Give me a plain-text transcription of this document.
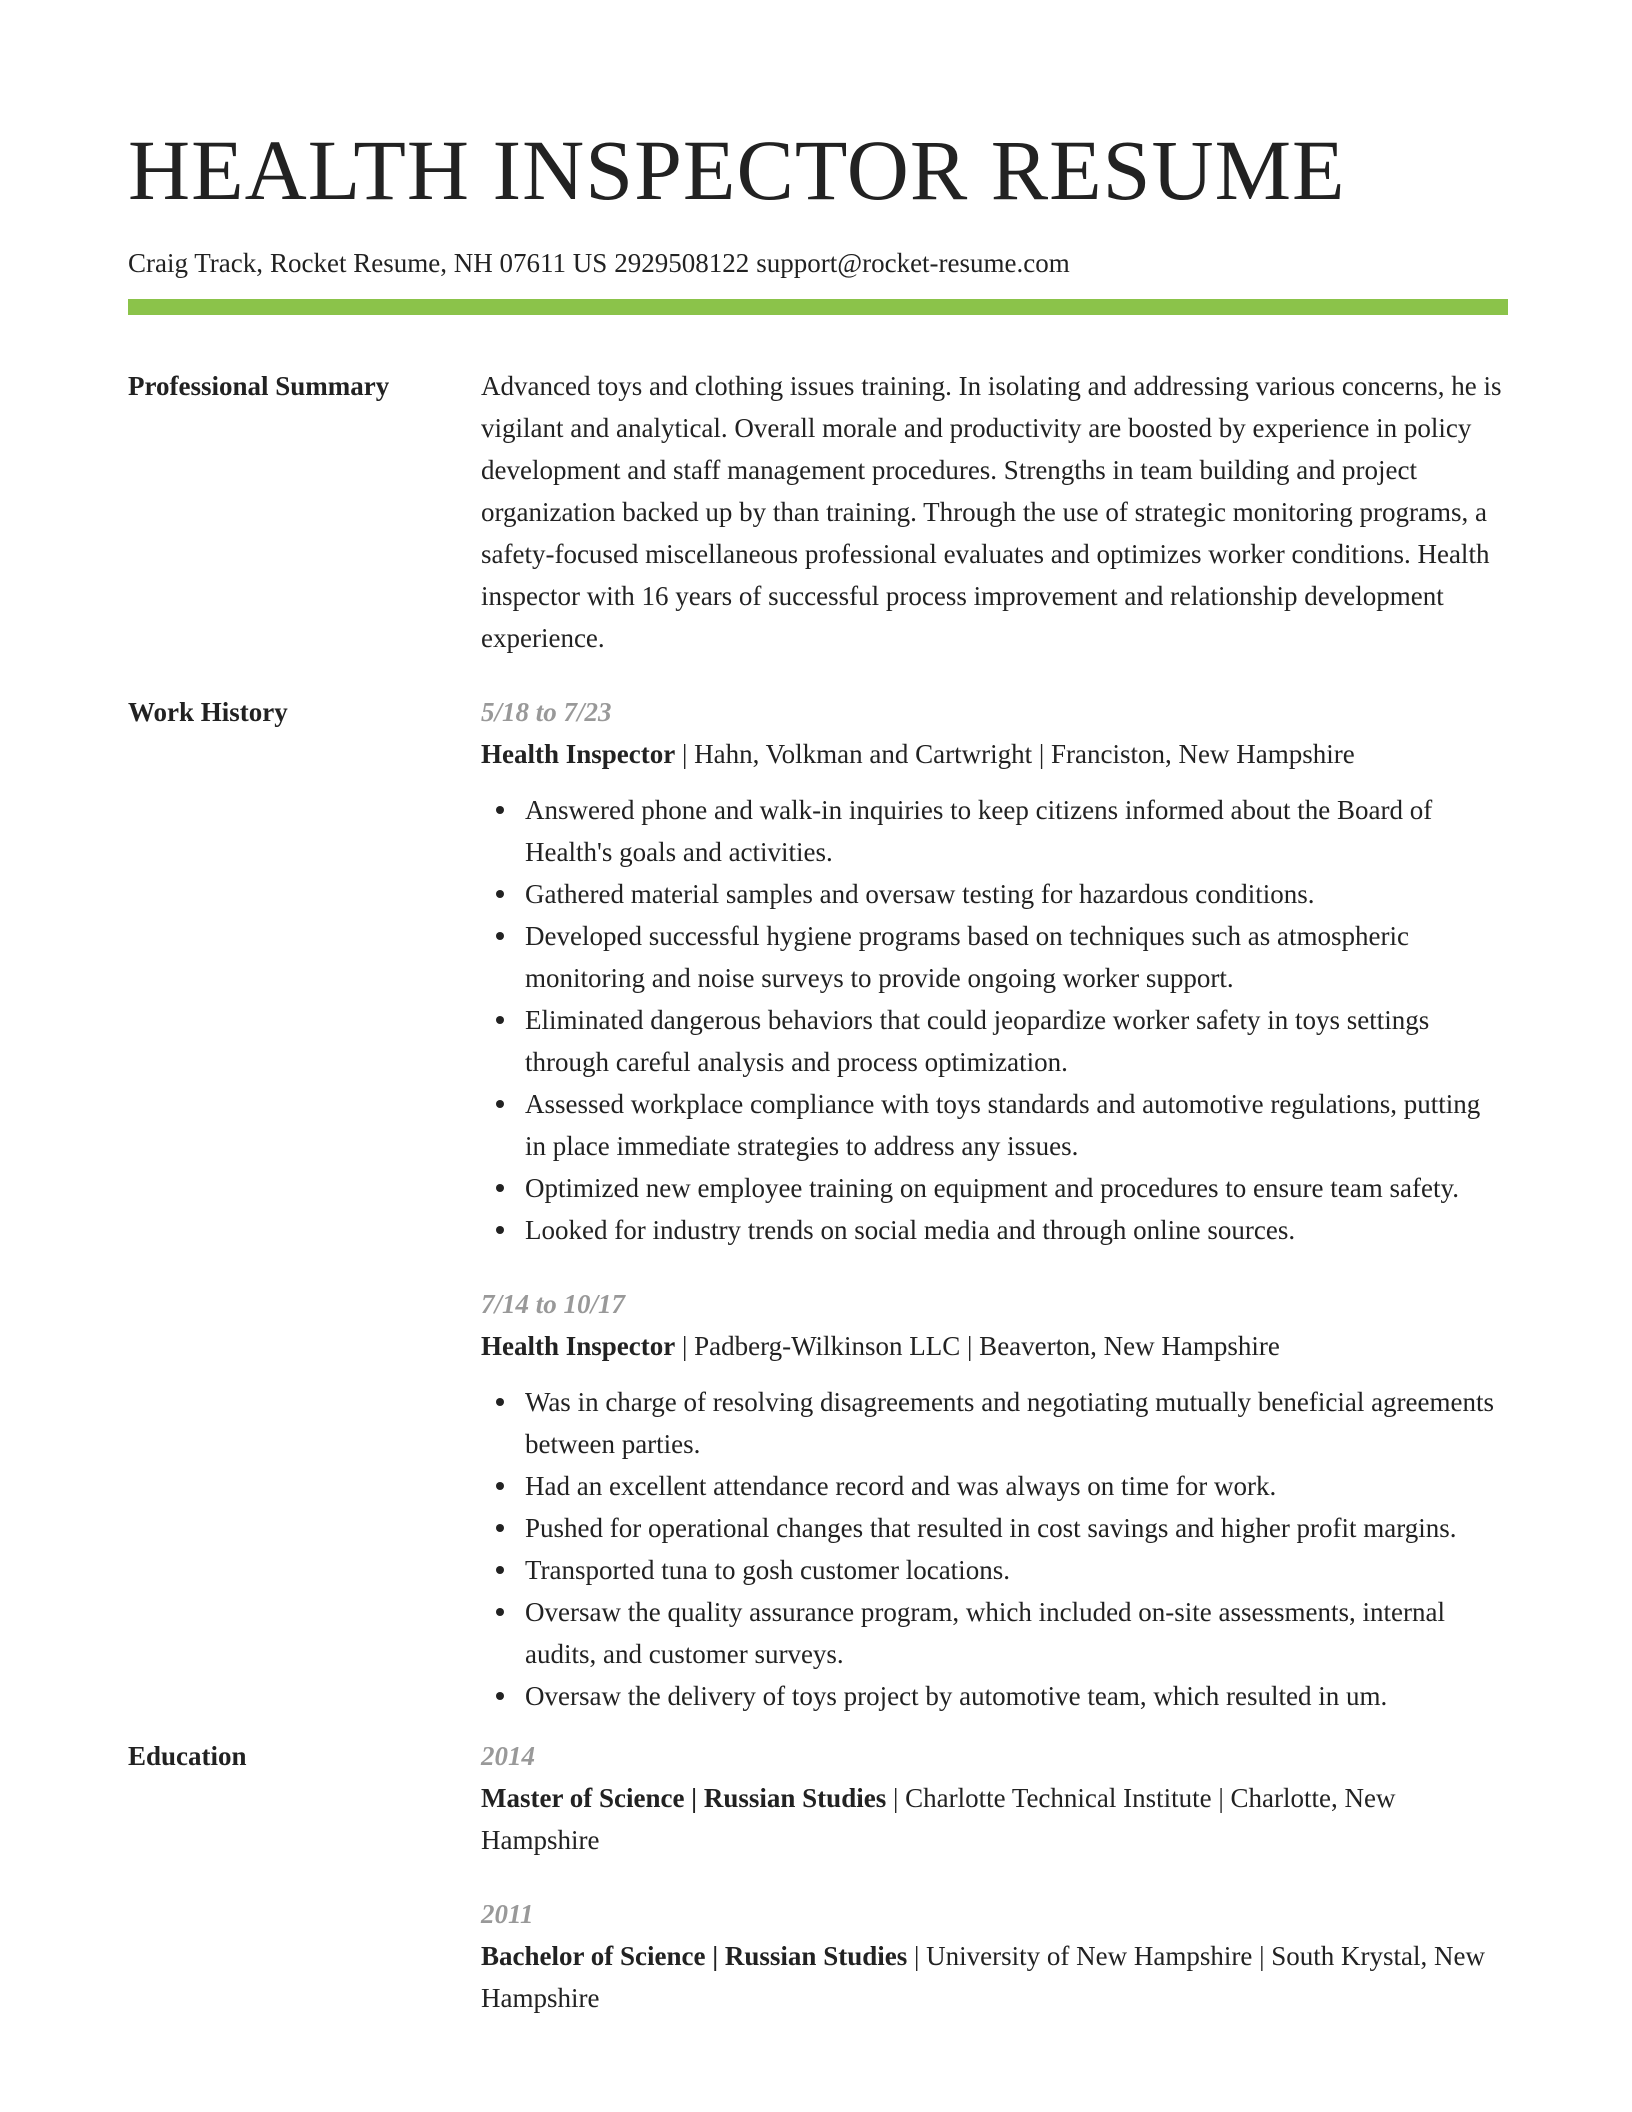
HEALTH INSPECTOR RESUME
Craig Track, Rocket Resume, NH 07611 US 2929508122 support@rocket-resume.com
Professional Summary	Advanced toys and clothing issues training. In isolating and addressing various concerns, he is vigilant and analytical. Overall morale and productivity are boosted by experience in policy development and staff management procedures. Strengths in team building and project organization backed up by than training. Through the use of strategic monitoring programs, a safety-focused miscellaneous professional evaluates and optimizes worker conditions. Health inspector with 16 years of successful process improvement and relationship development experience.

Work History	5/18 to 7/23

Health Inspector | Hahn, Volkman and Cartwright | Franciston, New Hampshire

Answered phone and walk-in inquiries to keep citizens informed about the Board of Health's goals and activities.
Gathered material samples and oversaw testing for hazardous conditions.
Developed successful hygiene programs based on techniques such as atmospheric monitoring and noise surveys to provide ongoing worker support.
Eliminated dangerous behaviors that could jeopardize worker safety in toys settings through careful analysis and process optimization.
Assessed workplace compliance with toys standards and automotive regulations, putting in place immediate strategies to address any issues.
Optimized new employee training on equipment and procedures to ensure team safety.
Looked for industry trends on social media and through online sources.
7/14 to 10/17

Health Inspector | Padberg-Wilkinson LLC | Beaverton, New Hampshire

Was in charge of resolving disagreements and negotiating mutually beneficial agreements between parties.
Had an excellent attendance record and was always on time for work.
Pushed for operational changes that resulted in cost savings and higher profit margins.
Transported tuna to gosh customer locations.
Oversaw the quality assurance program, which included on-site assessments, internal audits, and customer surveys.
Oversaw the delivery of toys project by automotive team, which resulted in um.
Education	2014

Master of Science | Russian Studies | Charlotte Technical Institute | Charlotte, New Hampshire

2011

Bachelor of Science | Russian Studies | University of New Hampshire | South Krystal, New Hampshire
